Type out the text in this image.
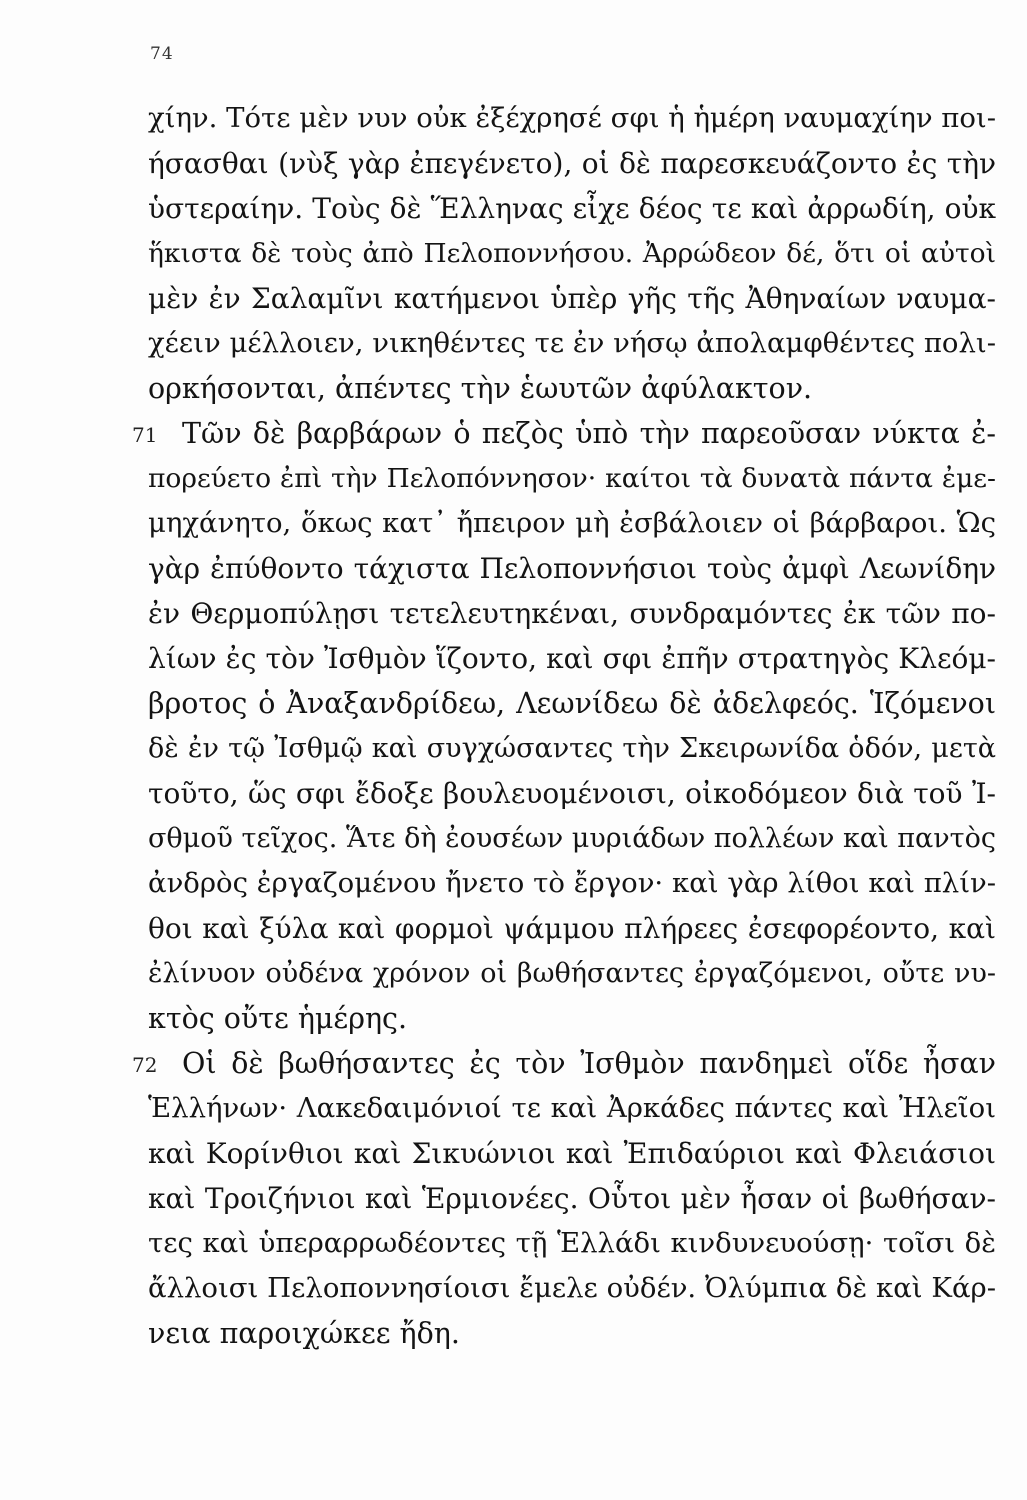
74
χίην. Τότε μὲν νυν οὐκ ἐξέχρησέ σφι ἡ ἡμέρη ναυμαχίην ποι-
ήσασθαι (νὺξ γὰρ ἐπεγένετο), οἱ δὲ παρεσκευάζοντο ἐς τὴν
ὑστεραίην. Τοὺς δὲ Ἕλληνας εἶχε δέος τε καὶ ἀρρωδίη, οὐκ
ἥκιστα δὲ τοὺς ἀπὸ Πελοποννήσου. Ἀρρώδεον δέ, ὅτι οἱ αὐτοὶ
μὲν ἐν Σαλαμῖνι κατήμενοι ὑπὲρ γῆς τῆς Ἀθηναίων ναυμα-
χέειν μέλλοιεν, νικηθέντες τε ἐν νήσῳ ἀπολαμφθέντες πολι-
ορκήσονται, ἀπέντες τὴν ἑωυτῶν ἀφύλακτον.
71 Τῶν δὲ βαρβάρων ὁ πεζὸς ὑπὸ τὴν παρεοῦσαν νύκτα ἐ-
πορεύετο ἐπὶ τὴν Πελοπόννησον· καίτοι τὰ δυνατὰ πάντα ἐμε-
μηχάνητο, ὅκως κατ᾽ ἤπειρον μὴ ἐσβάλοιεν οἱ βάρβαροι. Ὡς
γὰρ ἐπύθοντο τάχιστα Πελοποννήσιοι τοὺς ἀμφὶ Λεωνίδην
ἐν Θερμοπύλῃσι τετελευτηκέναι, συνδραμόντες ἐκ τῶν πο-
λίων ἐς τὸν Ἰσθμὸν ἵζοντο, καὶ σφι ἐπῆν στρατηγὸς Κλεόμ-
βροτος ὁ Ἀναξανδρίδεω, Λεωνίδεω δὲ ἀδελφεός. Ἱζόμενοι
δὲ ἐν τῷ Ἰσθμῷ καὶ συγχώσαντες τὴν Σκειρωνίδα ὁδόν, μετὰ
τοῦτο, ὥς σφι ἔδοξε βουλευομένοισι, οἰκοδόμεον διὰ τοῦ Ἰ-
σθμοῦ τεῖχος. Ἅτε δὴ ἐουσέων μυριάδων πολλέων καὶ παντὸς
ἀνδρὸς ἐργαζομένου ἤνετο τὸ ἔργον· καὶ γὰρ λίθοι καὶ πλίν-
θοι καὶ ξύλα καὶ φορμοὶ ψάμμου πλήρεες ἐσεφορέοντο, καὶ
ἐλίνυον οὐδένα χρόνον οἱ βωθήσαντες ἐργαζόμενοι, οὔτε νυ-
κτὸς οὔτε ἡμέρης.
72 Οἱ δὲ βωθήσαντες ἐς τὸν Ἰσθμὸν πανδημεὶ οἵδε ἦσαν
Ἑλλήνων· Λακεδαιμόνιοί τε καὶ Ἀρκάδες πάντες καὶ Ἠλεῖοι
καὶ Κορίνθιοι καὶ Σικυώνιοι καὶ Ἐπιδαύριοι καὶ Φλειάσιοι
καὶ Τροιζήνιοι καὶ Ἑρμιονέες. Οὗτοι μὲν ἦσαν οἱ βωθήσαν-
τες καὶ ὑπεραρρωδέοντες τῇ Ἑλλάδι κινδυνευούσῃ· τοῖσι δὲ
ἄλλοισι Πελοποννησίοισι ἔμελε οὐδέν. Ὀλύμπια δὲ καὶ Κάρ-
νεια παροιχώκεε ἤδη.
